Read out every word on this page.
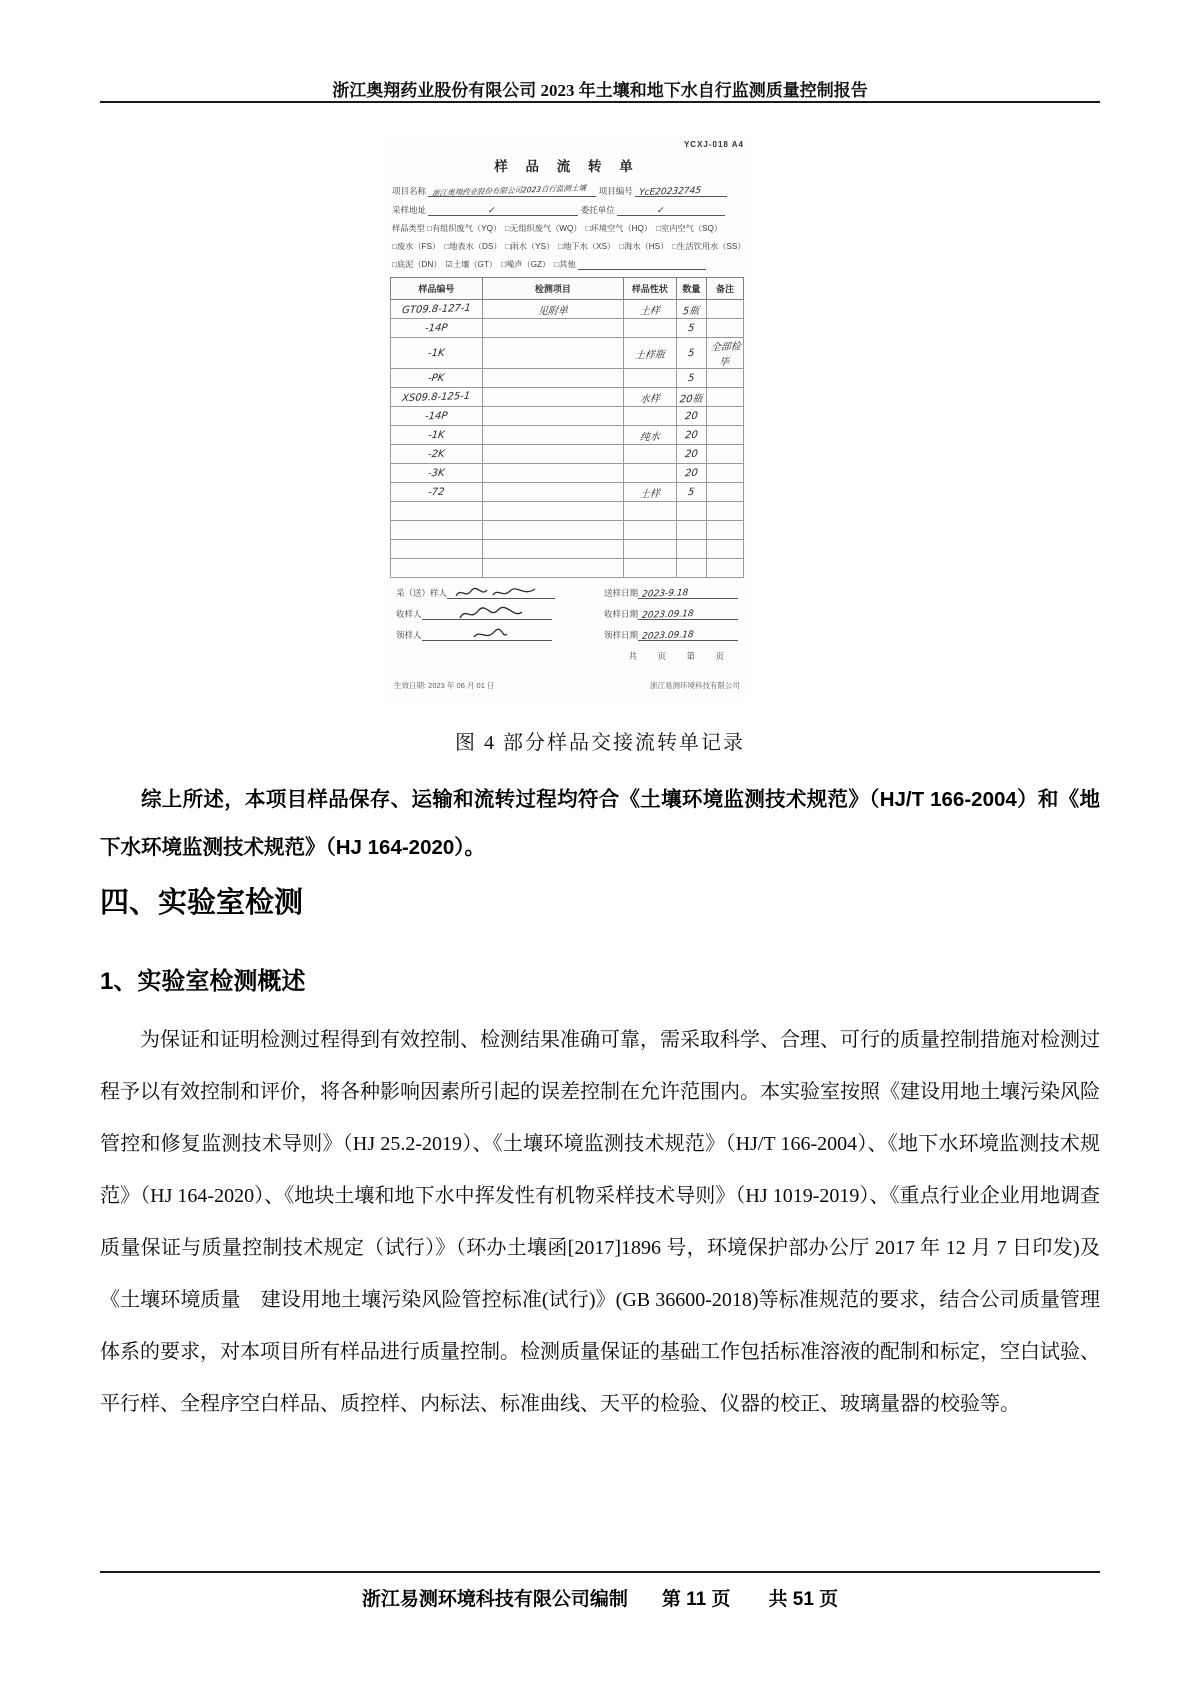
浙江奥翔药业股份有限公司 2023 年土壤和地下水自行监测质量控制报告
YCXJ-018 A4
样 品 流 转 单
项目名称 浙江奥翔药业股份有限公司2023自行监测土壤 项目编号 YcE20232745
采样地址	✓	委托单位	✓
样品类型 □有组织废气（YQ）　□无组织废气（WQ）　□环境空气（HQ）　□室内空气（SQ）
□废水（FS）　□地表水（DS）　□雨水（YS）　□地下水（XS）　□海水（HS）　□生活饮用水（SS）
□底泥（DN）　☑土壤（GT）　□噪声（GZ）　□其他
样品编号	检测项目	样品性状	数量	备注
GT09.8-127-1	见附单	土样	5瓶	
-14P			5	
-1K		土样瓶	5	全部检毕
-PK			5	
XS09.8-125-1		水样	20瓶	
-14P			20	
-1K		纯水	20	
-2K			20	
-3K			20	
-72		土样	5	

采（送）样人	送样日期 2023-9.18
收样人	收样日期 2023.09.18
领样人	领样日期 2023.09.18
共　页　第　页
生效日期: 2023 年 06 月 01 日	浙江易测环境科技有限公司
图 4 部分样品交接流转单记录

综上所述，本项目样品保存、运输和流转过程均符合《土壤环境监测技术规范》（HJ/T 166-2004）和《地下水环境监测技术规范》（HJ 164-2020）。

四、实验室检测
1、实验室检测概述

为保证和证明检测过程得到有效控制、检测结果准确可靠，需采取科学、合理、可行的质量控制措施对检测过程予以有效控制和评价，将各种影响因素所引起的误差控制在允许范围内。本实验室按照《建设用地土壤污染风险管控和修复监测技术导则》（HJ 25.2-2019）、《土壤环境监测技术规范》（HJ/T 166-2004）、《地下水环境监测技术规范》（HJ 164-2020）、《地块土壤和地下水中挥发性有机物采样技术导则》（HJ 1019-2019）、《重点行业企业用地调查质量保证与质量控制技术规定（试行）》（环办土壤函[2017]1896 号，环境保护部办公厅 2017 年 12 月 7 日印发)及《土壤环境质量　建设用地土壤污染风险管控标准(试行)》(GB 36600-2018)等标准规范的要求，结合公司质量管理体系的要求，对本项目所有样品进行质量控制。检测质量保证的基础工作包括标准溶液的配制和标定，空白试验、平行样、全程序空白样品、质控样、内标法、标准曲线、天平的检验、仪器的校正、玻璃量器的校验等。

浙江易测环境科技有限公司编制 第 11 页　　共 51 页
